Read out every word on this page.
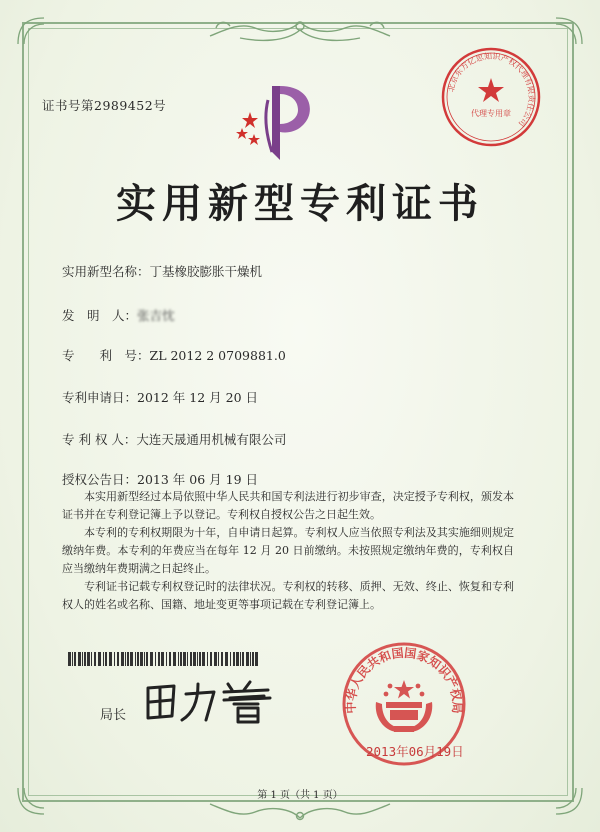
证书号第2989452号
北京东方亿思知识产权代理有限责任公司
代理专用章
实用新型专利证书
实用新型名称：丁基橡胶膨胀干燥机
发　明　人：张吉忱
专　　利　号：ZL 2012 2 0709881.0
专利申请日：2012 年 12 月 20 日
专 利 权 人：大连天晟通用机械有限公司
授权公告日：2013 年 06 月 19 日

本实用新型经过本局依照中华人民共和国专利法进行初步审查，决定授予专利权，颁发本证书并在专利登记簿上予以登记。专利权自授权公告之日起生效。

本专利的专利权期限为十年，自申请日起算。专利权人应当依照专利法及其实施细则规定缴纳年费。本专利的年费应当在每年 12 月 20 日前缴纳。未按照规定缴纳年费的，专利权自应当缴纳年费期满之日起终止。

专利证书记载专利权登记时的法律状况。专利权的转移、质押、无效、终止、恢复和专利权人的姓名或名称、国籍、地址变更等事项记载在专利登记簿上。

局长
中华人民共和国国家知识产权局
2013年06月19日
第 1 页（共 1 页）
